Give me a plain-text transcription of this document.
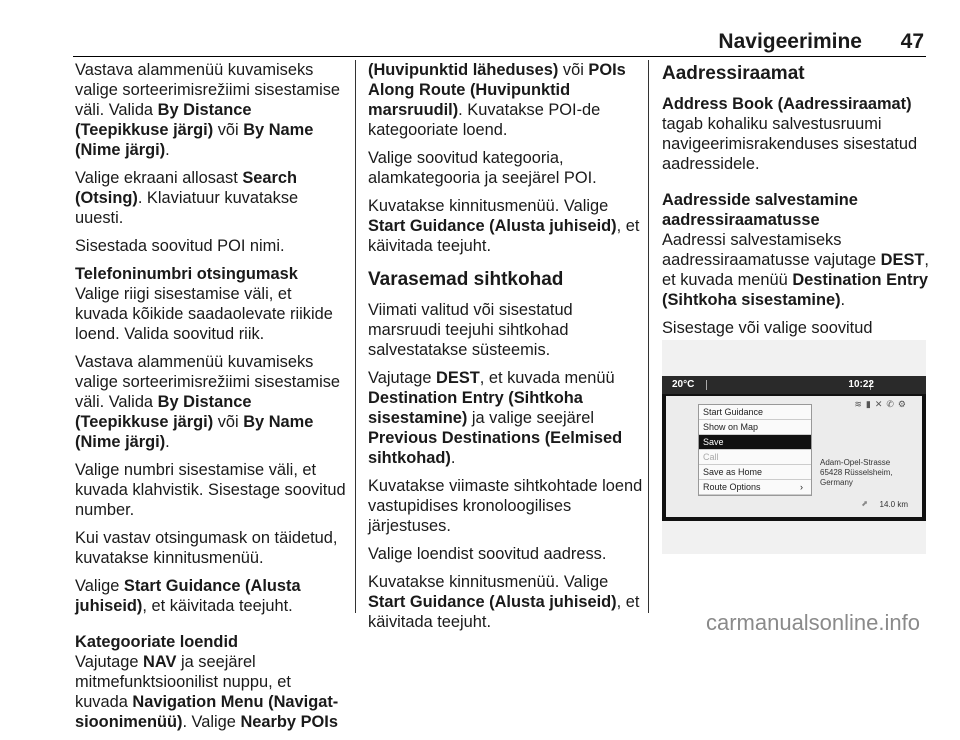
Navigeerimine 47

Vastava alammenüü kuvamiseks valige sorteerimisrežiimi sisestamise väli. Valida By Distance (Teepikkuse järgi) või By Name (Nime järgi).

Valige ekraani allosast Search (Otsing). Klaviatuur kuvatakse uuesti.

Sisestada soovitud POI nimi.

Telefoninumbri otsingumask

Valige riigi sisestamise väli, et kuvada kõikide saadaolevate riikide loend. Valida soovitud riik.

Vastava alammenüü kuvamiseks valige sorteerimisrežiimi sisestamise väli. Valida By Distance (Teepikkuse järgi) või By Name (Nime järgi).

Valige numbri sisestamise väli, et kuvada klahvistik. Sisestage soovitud number.

Kui vastav otsingumask on täidetud, kuvatakse kinnitusmenüü.

Valige Start Guidance (Alusta juhiseid), et käivitada teejuht.

Kategooriate loendid

Vajutage NAV ja seejärel mitmefunktsioonilist nuppu, et kuvada Navigation Menu (Navigat-sioonimenüü). Valige Nearby POIs

(Huvipunktid läheduses) või POIs Along Route (Huvipunktid marsruudil). Kuvatakse POI-de kategooriate loend.

Valige soovitud kategooria, alamkategooria ja seejärel POI.

Kuvatakse kinnitusmenüü. Valige Start Guidance (Alusta juhiseid), et käivitada teejuht.

Varasemad sihtkohad

Viimati valitud või sisestatud marsruudi teejuhi sihtkohad salvestatakse süsteemis.

Vajutage DEST, et kuvada menüü Destination Entry (Sihtkoha sisestamine) ja valige seejärel Previous Destinations (Eelmised sihtkohad).

Kuvatakse viimaste sihtkohtade loend vastupidises kronoloogilises järjestuses.

Valige loendist soovitud aadress.

Kuvatakse kinnitusmenüü. Valige Start Guidance (Alusta juhiseid), et käivitada teejuht.

Aadressiraamat

Address Book (Aadressiraamat) tagab kohaliku salvestusruumi navigeerimisrakenduses sisestatud aadressidele.

Aadresside salvestamine aadressiraamatusse

Aadressi salvestamiseks aadressiraamatusse vajutage DEST, et kuvada menüü Destination Entry (Sihtkoha sisestamine).

Sisestage või valige soovitud

20°C	10:22
≋▮✕✆⚙
Start Guidance
Show on Map
Save
Call
Save as Home
Route Options	›
Adam-Opel-Strasse
65428 Rüsselsheim, Germany
⬈ 14.0 km
carmanualsonline.info
